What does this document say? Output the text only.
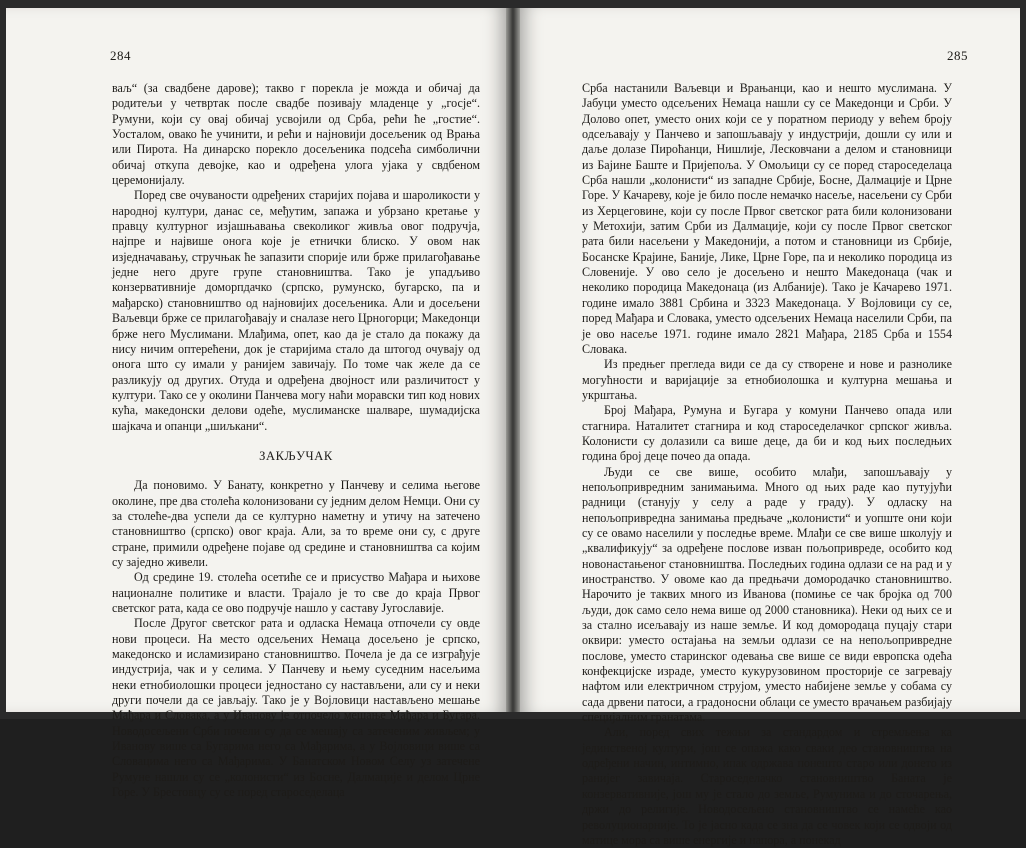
284

ваљ“ (за свадбене дарове); такво г порекла је можда и обичај да родитељи у четвртак после свадбе позивају младенце у „госје“. Румуни, који су овај обичај усвојили од Срба, рећи ће „гостие“. Уосталом, овако ће учинити, и рећи и најновији досељеник од Врања или Пирота. На динарско порекло досељеника подсећа симболични обичај откупа девојке, као и одређена улога ујака у свдбеном церемонијалу.

Поред све очуваности одређених старијих појава и шароликости у народној култури, данас се, међутим, запажа и убрзано кретање у правцу културног изјашњавања свеколиког живља овог подручја, најпре и највише онога које је етнички блиско. У овом нак изједначавању, стручњак ће запазити спорије или брже прилагођавање једне него друге групе становништва. Тако је упадљиво конзервативније доморпдачко (српско, румунско, бугарско, па и мађарско) становништво од најновијих досељеника. Али и досељени Ваљевци брже се прилагођавају и сналазе него Црногорци; Македонци брже него Муслимани. Млађима, опет, као да је стало да покажу да нису ничим оптерећени, док је старијима стало да штогод очувају од онога што су имали у ранијем завичају. По томе чак желе да се разликују од других. Отуда и одређена двојност или различитост у култури. Тако се у околини Панчева могу наћи моравски тип код нових кућа, македонски делови одеће, муслиманске шалваре, шумадијска шајкача и опанци „шиљкани“.

ЗАКЉУЧАК

Да поновимо. У Банату, конкретно у Панчеву и селима његове околине, пре два столећа колонизовани су једним делом Немци. Они су за столеће-два успели да се културно наметну и утичу на затечено становништво (српско) овог краја. Али, за то време они су, с друге стране, примили одређене појаве од средине и становништва са којим су заједно живели.

Од средине 19. столећа осетиће се и присуство Мађара и њихове националне политике и власти. Трајало је то све до краја Првог светског рата, када се ово подручје нашло у саставу Југославије.

После Другог светског рата и одласка Немаца отпочели су овде нови процеси. На место одсељених Немаца досељено је српско, македонско и исламизирано становништво. Почела је да се изграђује индустрија, чак и у селима. У Панчеву и њему суседним насељима неки етнобиолошки процеси једностано су настављени, али су и неки други почели да се јављају. Тако је у Војловици настављено мешање Мађара и Словака, а у Иванову је отпочело мешање Мађара и Бугара. Новодосељени Срби почели су да се мешају са затеченим живљем; у Иванову више са Бугарима него са Мађарима, а у Војловици више са Словацима него са Мађарима. У Банатском Новом Селу уз затечене Румуне нашли су се „колонисти“ из Босне, Далмације и делом Црне Горе. У Брестовцу су се поред староседелаца

285

Срба настанили Ваљевци и Врањанци, као и нешто муслимана. У Јабуци уместо одсељених Немаца нашли су се Македонци и Срби. У Долово опет, уместо оних који се у поратном периоду у већем броју одсељавају у Панчево и запошљавају у индустрији, дошли су или и даље долазе Пироћанци, Нишлије, Лесковчани а делом и становници из Бајине Баште и Пријепоља. У Омољици су се поред староседелаца Срба нашли „колонисти“ из западне Србије, Босне, Далмације и Црне Горе. У Качареву, које је било после немачко насеље, насељени су Срби из Херцеговине, који су после Првог светског рата били колонизовани у Метохији, затим Срби из Далмације, који су после Првог светског рата били насељени у Македонији, а потом и становници из Србије, Босанске Крајине, Баније, Лике, Црне Горе, па и неколико породица из Словеније. У ово село је досељено и нешто Македонаца (чак и неколико породица Македонаца (из Албаније). Тако је Качарево 1971. године имало 3881 Србина и 3323 Македонаца. У Војловици су се, поред Мађара и Словака, уместо одсељених Немаца населили Срби, па је ово насеље 1971. године имало 2821 Мађара, 2185 Срба и 1554 Словака.

Из предњег прегледа види се да су створене и нове и разноликe могућности и варијације за етнобиолошка и културна мешања и укрштања.

Број Мађара, Румуна и Бугара у комуни Панчево опада или стагнира. Наталитет стагнира и код староседелачког српског живља. Колонисти су долазили са више деце, да би и код њих последњих година број деце почео да опада.

Људи се све више, особито млађи, запошљавају у непољопривредним занимањима. Много од њих раде као путујући радници (станују у селу а раде у граду). У одласку на непољопривредна занимања предњаче „колонисти“ и уопште они који су се овамо населили у последње време. Млађи се све више школују и „квалификују“ за одређене послове изван пољопривреде, особито код новонастањеног становништва. Последњих година одлази се на рад и у иностранство. У овоме као да предњачи домородачко становништво. Нарочито је таквих много из Иванова (помиње се чак бројка од 700 људи, док само село нема више од 2000 становника). Неки од њих се и за стално исељавају из наше земље. И код домородаца пуцају стари оквири: уместо остајања на земљи одлази се на непољопривредне послове, уместо старинског одевања све више се види европска одећа конфекцијске израде, уместо кукурузовином просторије се загревају нафтом или електричном струјом, уместо набијене земље у собама су сада дрвени патоси, а градоносни облаци се уместо врачањем разбијају специјалним гранатама.

Али, поред свих тежњи за стандардом и стремљења ка јединственој култури, још се опажа како сваки део становништва на одређени начин, интимно, ипак одржава понешто старо или донето из ранијег завичаја. Староседелачко становништво Баната је конзервативније, још му је стало до земље, Румунима и до сточарења, држи до религије. Новодосељено становништво се намеће као револуционарније. То је јасно када се зна да се човек који се одвоји од матице мора са више енергије и напора, а понекад
